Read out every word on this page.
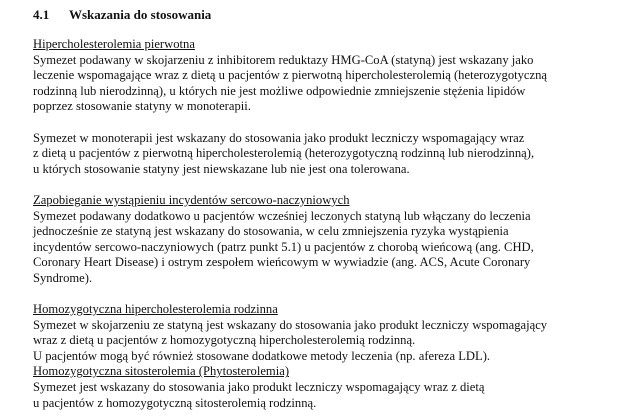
4.1 Wskazania do stosowania
Hipercholesterolemia pierwotna
Symezet podawany w skojarzeniu z inhibitorem reduktazy HMG-CoA (statyną) jest wskazany jako
leczenie wspomagające wraz z dietą u pacjentów z pierwotną hipercholesterolemią (heterozygotyczną
rodzinną lub nierodzinną), u których nie jest możliwe odpowiednie zmniejszenie stężenia lipidów
poprzez stosowanie statyny w monoterapii.
Symezet w monoterapii jest wskazany do stosowania jako produkt leczniczy wspomagający wraz
z dietą u pacjentów z pierwotną hipercholesterolemią (heterozygotyczną rodzinną lub nierodzinną),
u których stosowanie statyny jest niewskazane lub nie jest ona tolerowana.
Zapobieganie wystąpieniu incydentów sercowo-naczyniowych
Symezet podawany dodatkowo u pacjentów wcześniej leczonych statyną lub włączany do leczenia
jednocześnie ze statyną jest wskazany do stosowania, w celu zmniejszenia ryzyka wystąpienia
incydentów sercowo-naczyniowych (patrz punkt 5.1) u pacjentów z chorobą wieńcową (ang. CHD,
Coronary Heart Disease) i ostrym zespołem wieńcowym w wywiadzie (ang. ACS, Acute Coronary
Syndrome).
Homozygotyczna hipercholesterolemia rodzinna
Symezet w skojarzeniu ze statyną jest wskazany do stosowania jako produkt leczniczy wspomagający
wraz z dietą u pacjentów z homozygotyczną hipercholesterolemią rodzinną.
U pacjentów mogą być również stosowane dodatkowe metody leczenia (np. afereza LDL).
Homozygotyczna sitosterolemia (Phytosterolemia)
Symezet jest wskazany do stosowania jako produkt leczniczy wspomagający wraz z dietą
u pacjentów z homozygotyczną sitosterolemią rodzinną.
